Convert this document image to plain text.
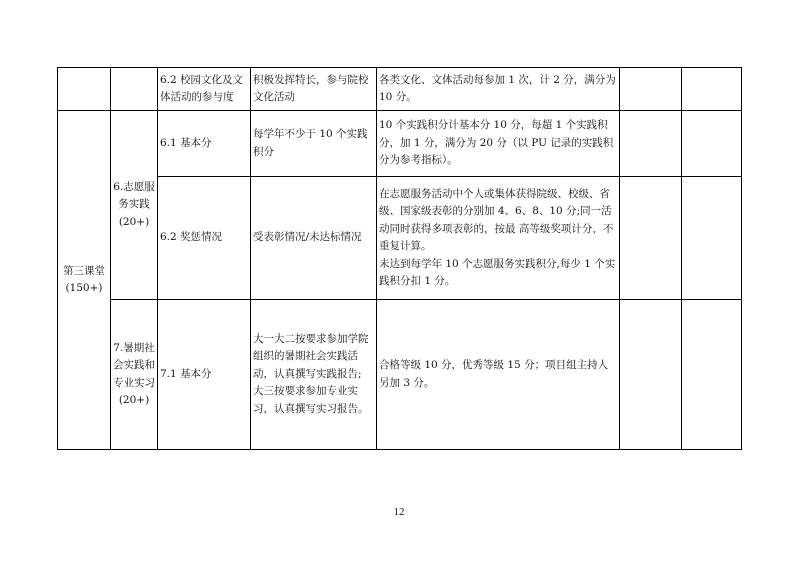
		6.2 校园文化及文体活动的参与度	积极发挥特长，参与院校文化活动	各类文化、文体活动每参加 1 次，计 2 分，满分为 10 分。		
第三课堂(150+)	6.志愿服务实践(20+)	6.1 基本分	每学年不少于 10 个实践积分	10 个实践积分计基本分 10 分，每超 1 个实践积分，加 1 分，满分为 20 分（以 PU 记录的实践积分为参考指标）。		
		6.2 奖惩情况	受表彰情况/未达标情况	在志愿服务活动中个人或集体获得院级、校级、省级、国家级表彰的分别加 4、6、8、10 分;同一活动同时获得多项表彰的，按最 高等级奖项计分，不重复计算。
未达到每学年 10 个志愿服务实践积分,每少 1 个实践积分扣 1 分。		

	7.暑期社会实践和专业实习(20+)	7.1 基本分	大一大二按要求参加学院组织的暑期社会实践活动，认真撰写实践报告;
大三按要求参加专业实习，认真撰写实习报告。	合格等级 10 分，优秀等级 15 分；项目组主持人另加 3 分。		
12
